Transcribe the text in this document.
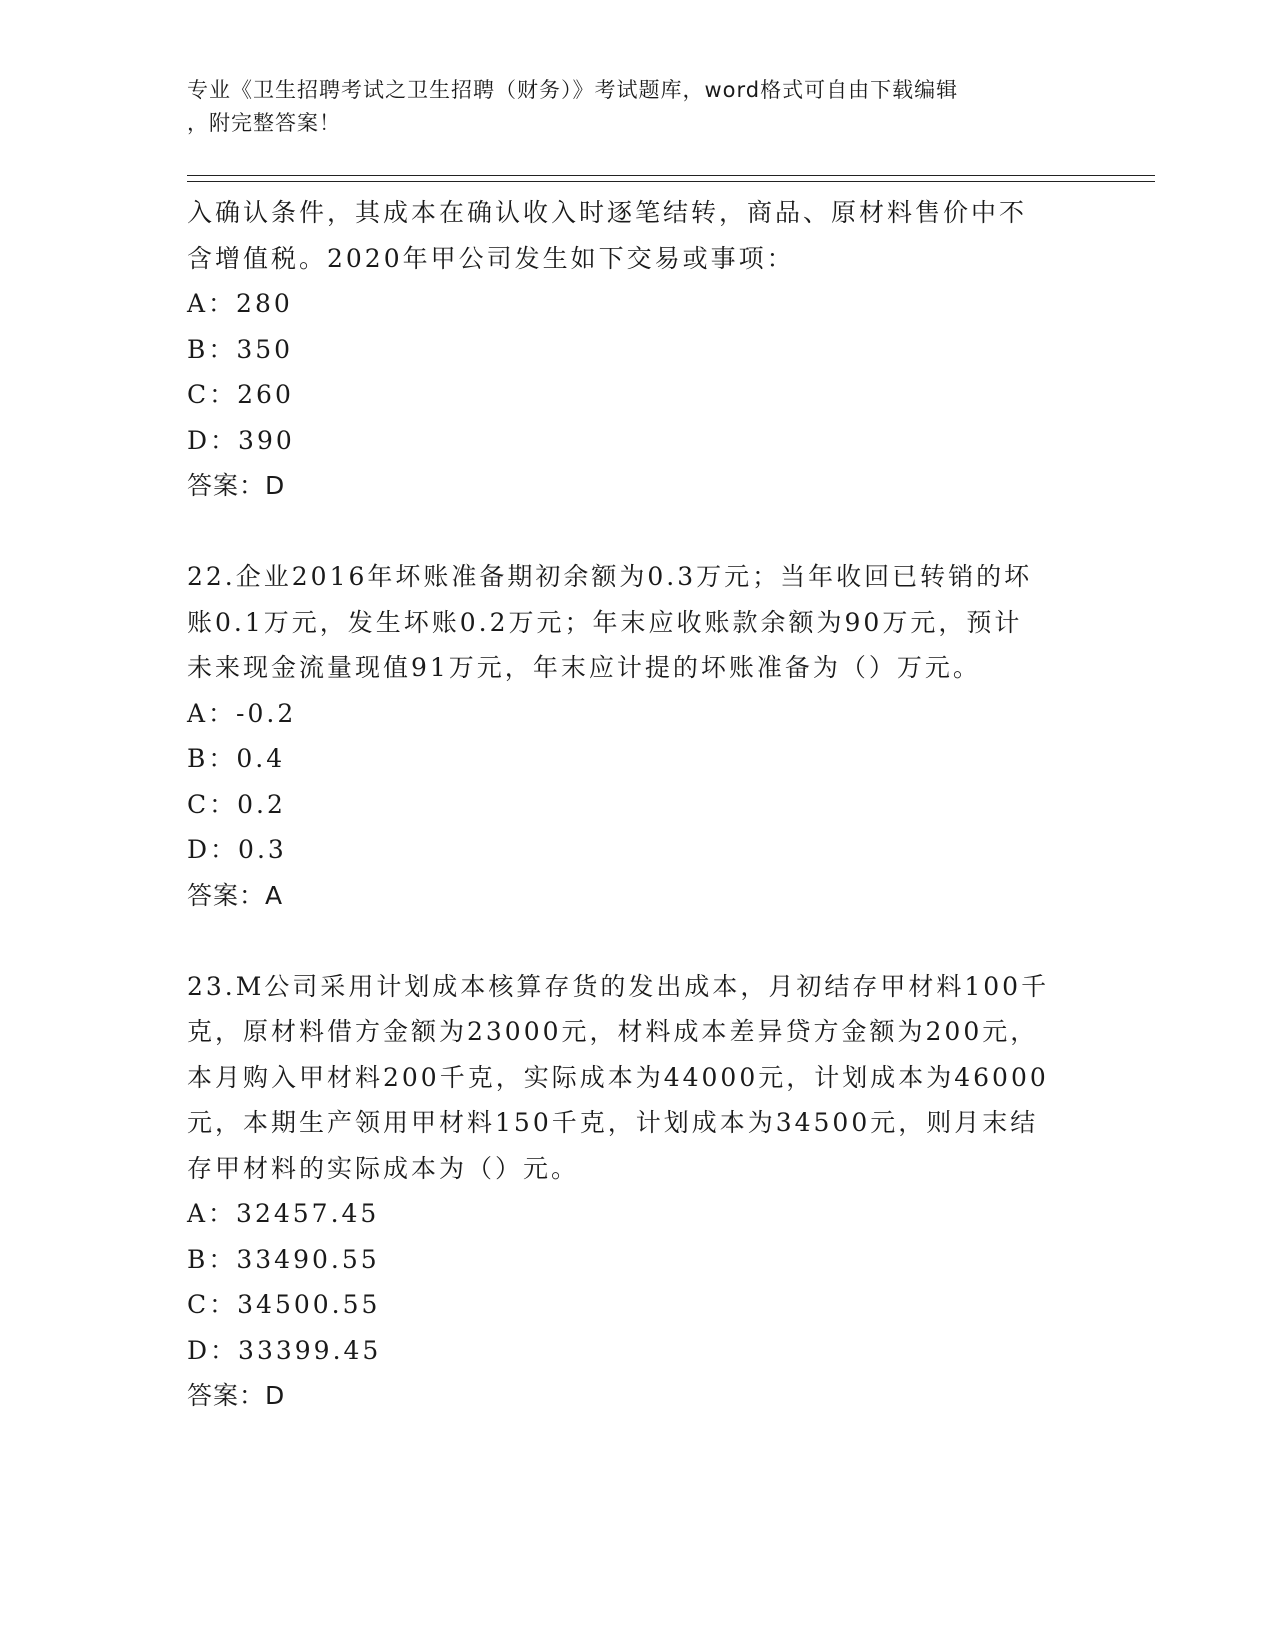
专业《卫生招聘考试之卫生招聘（财务）》考试题库，word格式可自由下载编辑
，附完整答案！
入确认条件，其成本在确认收入时逐笔结转，商品、原材料售价中不
含增值税。2020年甲公司发生如下交易或事项：
A：280
B：350
C：260
D：390
答案：D
22.企业2016年坏账准备期初余额为0.3万元；当年收回已转销的坏
账0.1万元，发生坏账0.2万元；年末应收账款余额为90万元，预计
未来现金流量现值91万元，年末应计提的坏账准备为（）万元。
A：-0.2
B：0.4
C：0.2
D：0.3
答案：A
23.M公司采用计划成本核算存货的发出成本，月初结存甲材料100千
克，原材料借方金额为23000元，材料成本差异贷方金额为200元，
本月购入甲材料200千克，实际成本为44000元，计划成本为46000
元，本期生产领用甲材料150千克，计划成本为34500元，则月末结
存甲材料的实际成本为（）元。
A：32457.45
B：33490.55
C：34500.55
D：33399.45
答案：D
